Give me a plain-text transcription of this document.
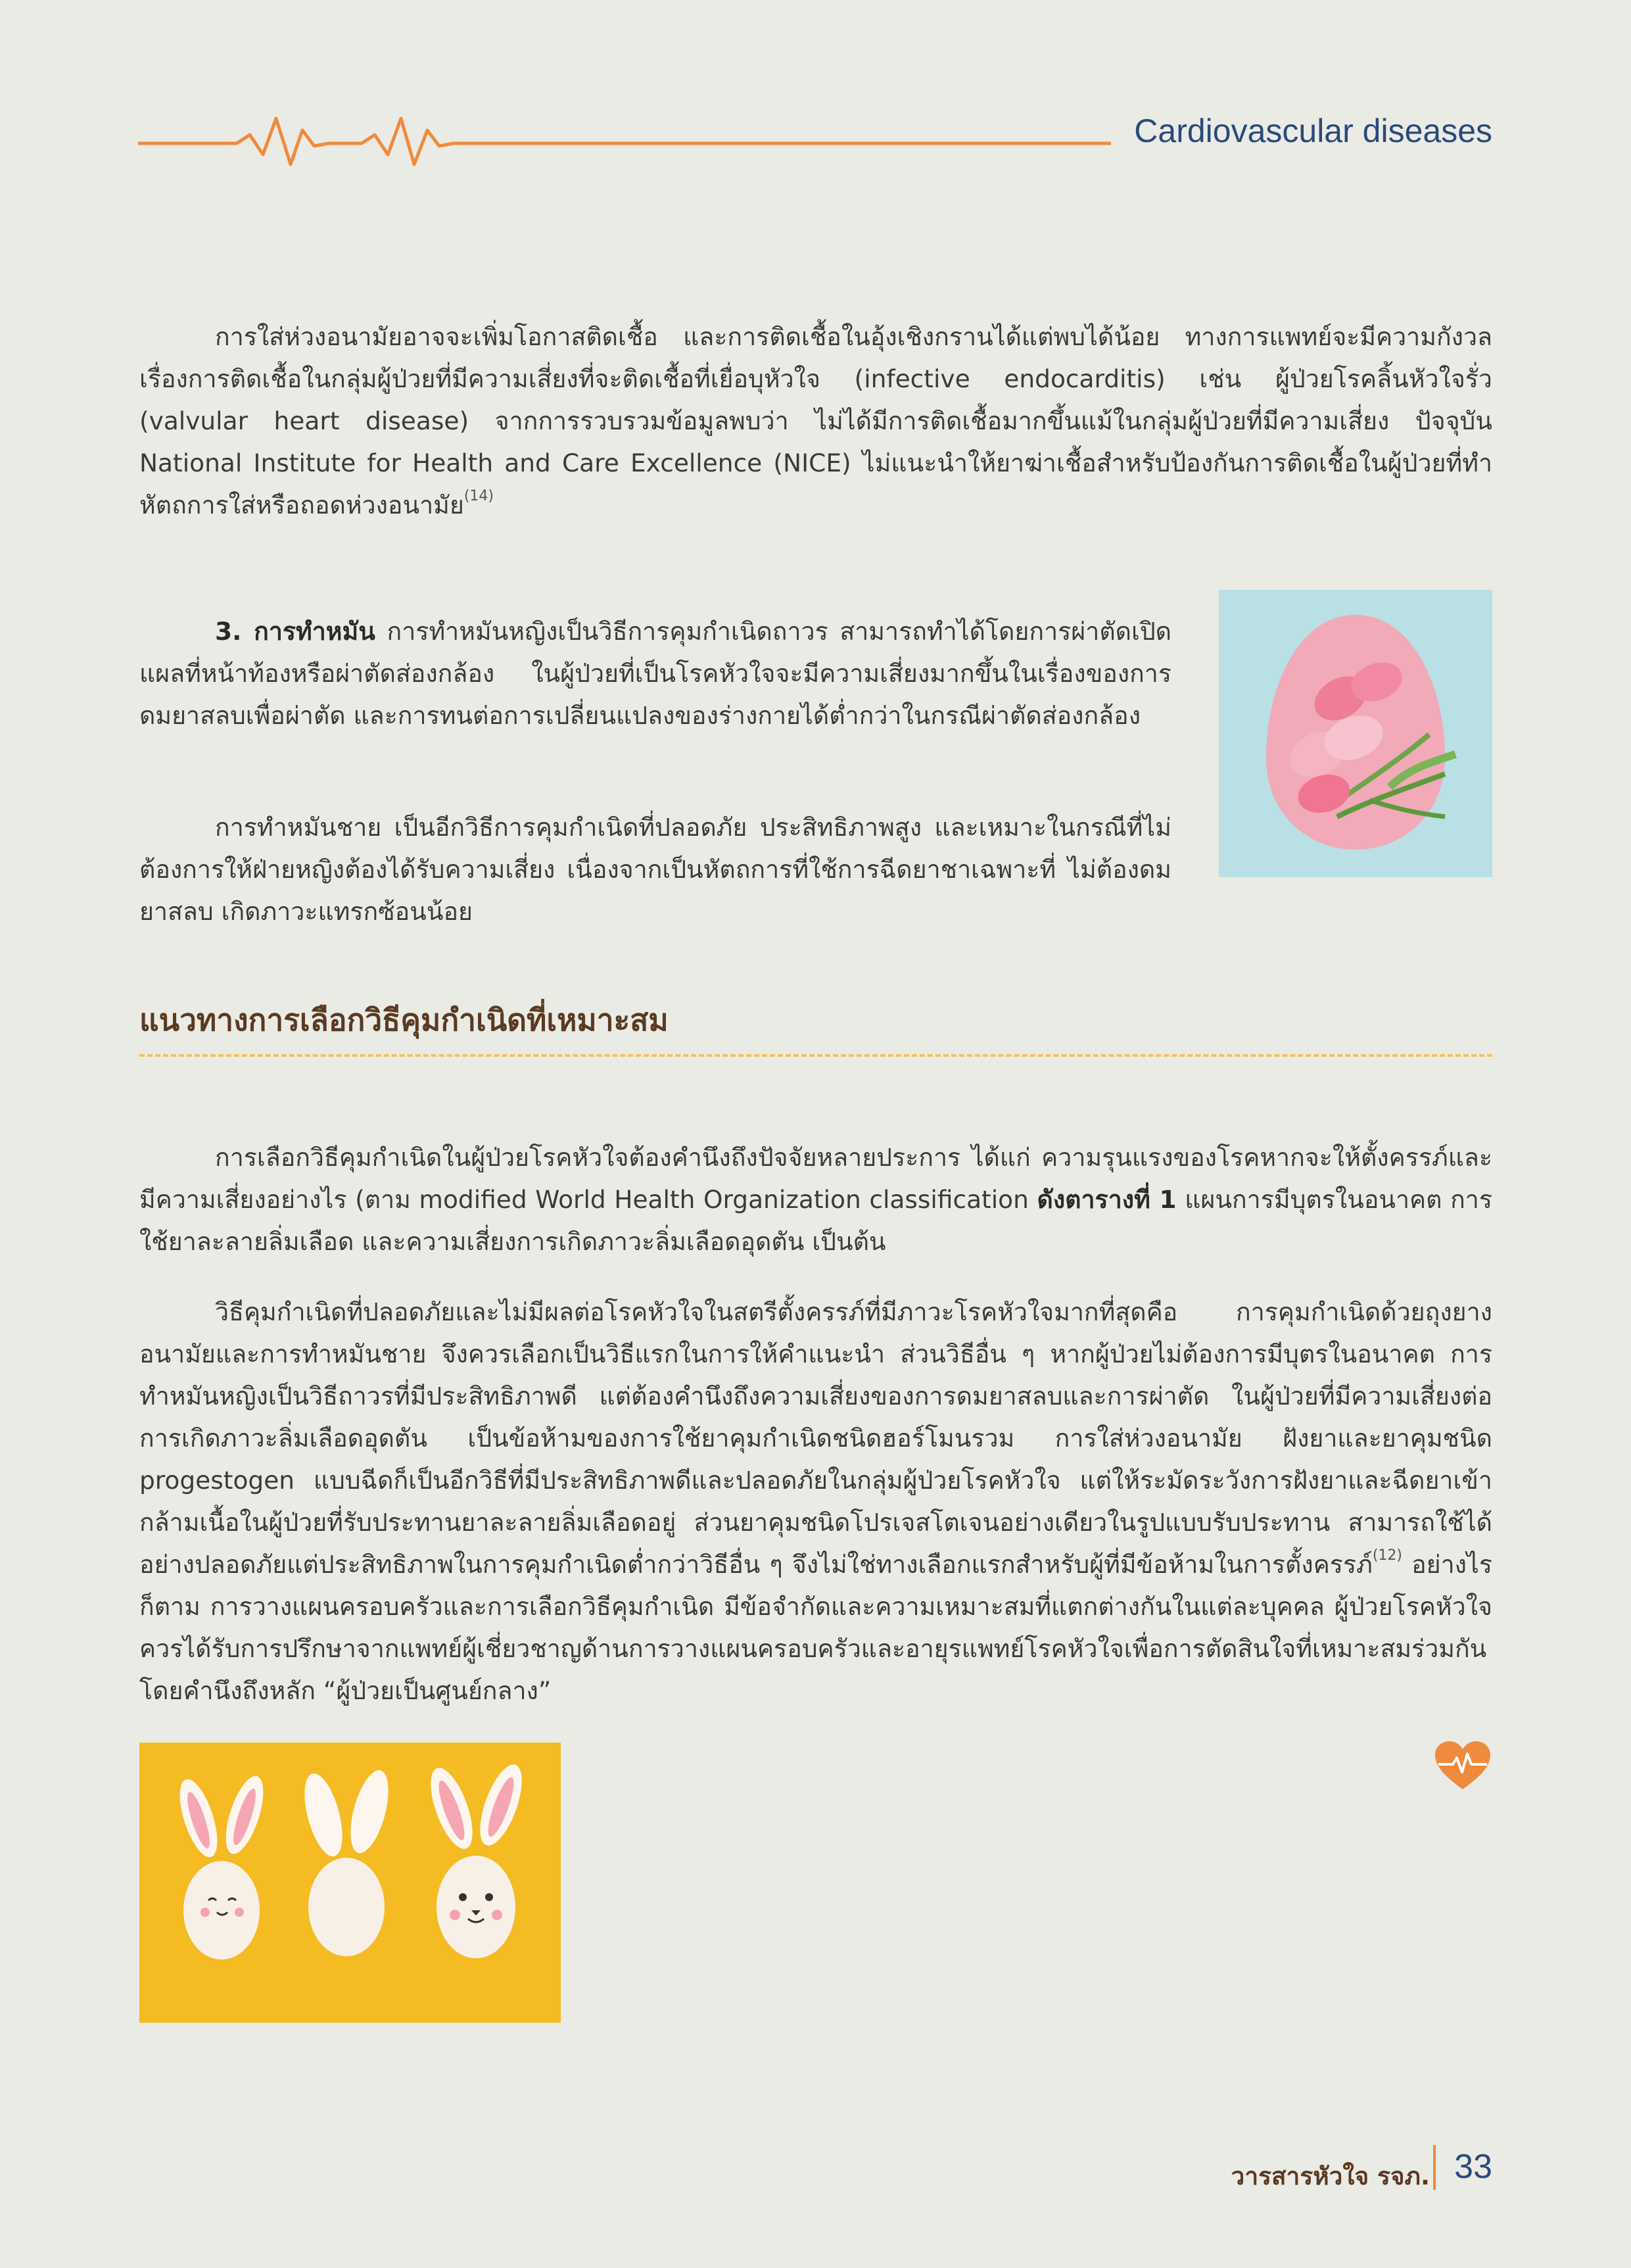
Cardiovascular diseases

การใส่ห่วงอนามัยอาจจะเพิ่มโอกาสติดเชื้อ และการติดเชื้อในอุ้งเชิงกรานได้แต่พบได้น้อย ทางการแพทย์จะมีความกังวลเรื่องการติดเชื้อในกลุ่มผู้ป่วยที่มีความเสี่ยงที่จะติดเชื้อที่เยื่อบุหัวใจ (infective endocarditis) เช่น ผู้ป่วยโรคลิ้นหัวใจรั่ว (valvular heart disease) จากการรวบรวมข้อมูลพบว่า ไม่ได้มีการติดเชื้อมากขึ้นแม้ในกลุ่มผู้ป่วยที่มีความเสี่ยง ปัจจุบัน National Institute for Health and Care Excellence (NICE) ไม่แนะนำให้ยาฆ่าเชื้อสำหรับป้องกันการติดเชื้อในผู้ป่วยที่ทำหัตถการใส่หรือถอดห่วงอนามัย$^{(14)}$

3. การทำหมัน การทำหมันหญิงเป็นวิธีการคุมกำเนิดถาวร สามารถทำได้โดยการผ่าตัดเปิดแผลที่หน้าท้องหรือผ่าตัดส่องกล้อง ในผู้ป่วยที่เป็นโรคหัวใจจะมีความเสี่ยงมากขึ้นในเรื่องของการดมยาสลบเพื่อผ่าตัด และการทนต่อการเปลี่ยนแปลงของร่างกายได้ต่ำกว่าในกรณีผ่าตัดส่องกล้อง

การทำหมันชาย เป็นอีกวิธีการคุมกำเนิดที่ปลอดภัย ประสิทธิภาพสูง และเหมาะในกรณีที่ไม่ต้องการให้ฝ่ายหญิงต้องได้รับความเสี่ยง เนื่องจากเป็นหัตถการที่ใช้การฉีดยาชาเฉพาะที่ ไม่ต้องดมยาสลบ เกิดภาวะแทรกซ้อนน้อย

แนวทางการเลือกวิธีคุมกำเนิดที่เหมาะสม

การเลือกวิธีคุมกำเนิดในผู้ป่วยโรคหัวใจต้องคำนึงถึงปัจจัยหลายประการ ได้แก่ ความรุนแรงของโรคหากจะให้ตั้งครรภ์และมีความเสี่ยงอย่างไร (ตาม modified World Health Organization classification ดังตารางที่ 1 แผนการมีบุตรในอนาคต การใช้ยาละลายลิ่มเลือด และความเสี่ยงการเกิดภาวะลิ่มเลือดอุดตัน เป็นต้น

วิธีคุมกำเนิดที่ปลอดภัยและไม่มีผลต่อโรคหัวใจในสตรีตั้งครรภ์ที่มีภาวะโรคหัวใจมากที่สุดคือ การคุมกำเนิดด้วยถุงยางอนามัยและการทำหมันชาย จึงควรเลือกเป็นวิธีแรกในการให้คำแนะนำ ส่วนวิธีอื่น ๆ หากผู้ป่วยไม่ต้องการมีบุตรในอนาคต การทำหมันหญิงเป็นวิธีถาวรที่มีประสิทธิภาพดี แต่ต้องคำนึงถึงความเสี่ยงของการดมยาสลบและการผ่าตัด ในผู้ป่วยที่มีความเสี่ยงต่อการเกิดภาวะลิ่มเลือดอุดตัน เป็นข้อห้ามของการใช้ยาคุมกำเนิดชนิดฮอร์โมนรวม การใส่ห่วงอนามัย ฝังยาและยาคุมชนิด progestogen แบบฉีดก็เป็นอีกวิธีที่มีประสิทธิภาพดีและปลอดภัยในกลุ่มผู้ป่วยโรคหัวใจ แต่ให้ระมัดระวังการฝังยาและฉีดยาเข้ากล้ามเนื้อในผู้ป่วยที่รับประทานยาละลายลิ่มเลือดอยู่ ส่วนยาคุมชนิดโปรเจสโตเจนอย่างเดียวในรูปแบบรับประทาน สามารถใช้ได้อย่างปลอดภัยแต่ประสิทธิภาพในการคุมกำเนิดต่ำกว่าวิธีอื่น ๆ จึงไม่ใช่ทางเลือกแรกสำหรับผู้ที่มีข้อห้ามในการตั้งครรภ์$^{(12)}$ อย่างไรก็ตาม การวางแผนครอบครัวและการเลือกวิธีคุมกำเนิด มีข้อจำกัดและความเหมาะสมที่แตกต่างกันในแต่ละบุคคล ผู้ป่วยโรคหัวใจควรได้รับการปรึกษาจากแพทย์ผู้เชี่ยวชาญด้านการวางแผนครอบครัวและอายุรแพทย์โรคหัวใจเพื่อการตัดสินใจที่เหมาะสมร่วมกันโดยคำนึงถึงหลัก “ผู้ป่วยเป็นศูนย์กลาง”

วารสารหัวใจ รจภ. 33
